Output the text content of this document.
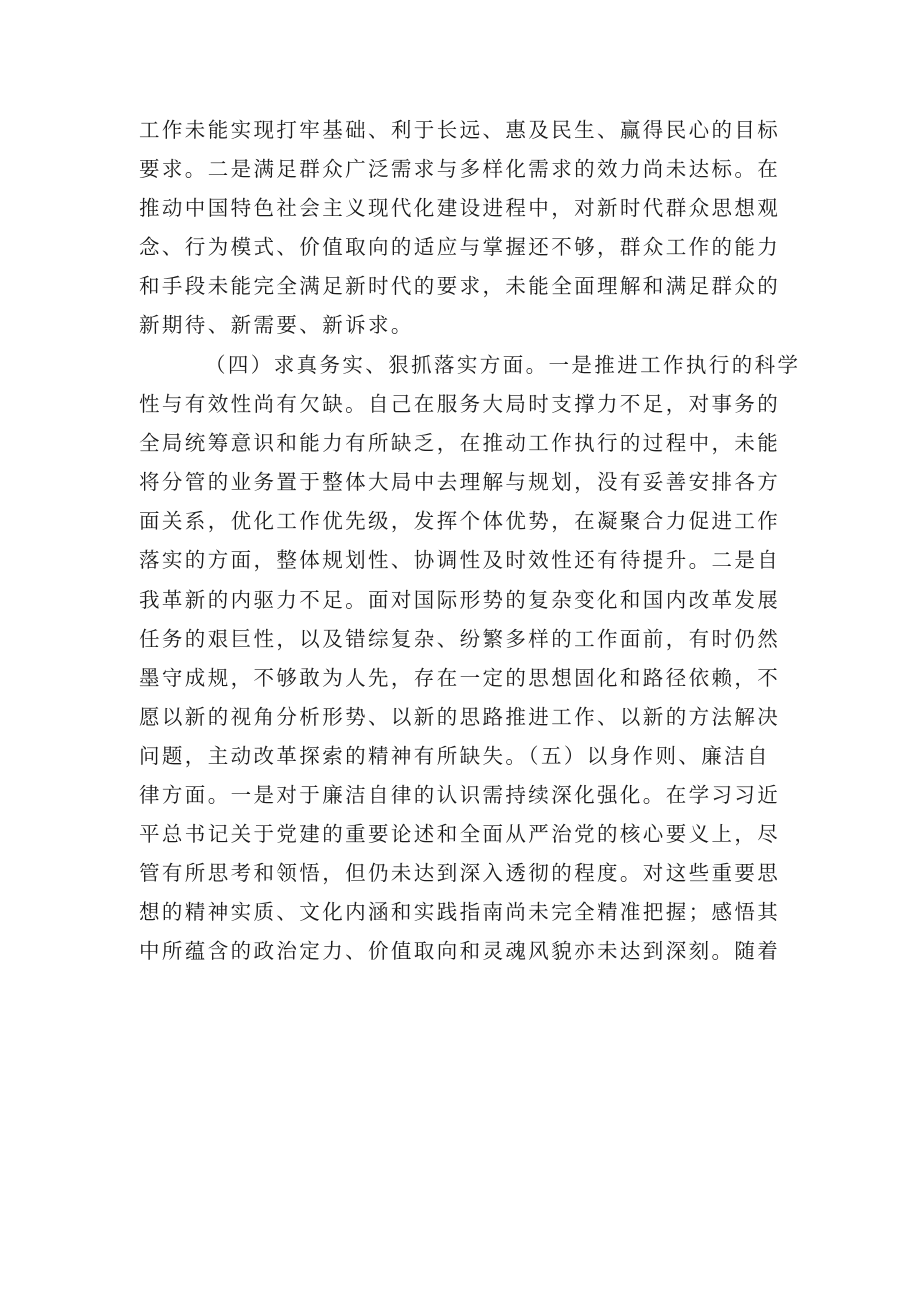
工作未能实现打牢基础、利于长远、惠及民生、赢得民心的目标
要求。二是满足群众广泛需求与多样化需求的效力尚未达标。在
推动中国特色社会主义现代化建设进程中，对新时代群众思想观
念、行为模式、价值取向的适应与掌握还不够，群众工作的能力
和手段未能完全满足新时代的要求，未能全面理解和满足群众的
新期待、新需要、新诉求。
（四）求真务实、狠抓落实方面。一是推进工作执行的科学
性与有效性尚有欠缺。自己在服务大局时支撑力不足，对事务的
全局统筹意识和能力有所缺乏，在推动工作执行的过程中，未能
将分管的业务置于整体大局中去理解与规划，没有妥善安排各方
面关系，优化工作优先级，发挥个体优势，在凝聚合力促进工作
落实的方面，整体规划性、协调性及时效性还有待提升。二是自
我革新的内驱力不足。面对国际形势的复杂变化和国内改革发展
任务的艰巨性，以及错综复杂、纷繁多样的工作面前，有时仍然
墨守成规，不够敢为人先，存在一定的思想固化和路径依赖，不
愿以新的视角分析形势、以新的思路推进工作、以新的方法解决
问题，主动改革探索的精神有所缺失。（五）以身作则、廉洁自
律方面。一是对于廉洁自律的认识需持续深化强化。在学习习近
平总书记关于党建的重要论述和全面从严治党的核心要义上，尽
管有所思考和领悟，但仍未达到深入透彻的程度。对这些重要思
想的精神实质、文化内涵和实践指南尚未完全精准把握；感悟其
中所蕴含的政治定力、价值取向和灵魂风貌亦未达到深刻。随着
